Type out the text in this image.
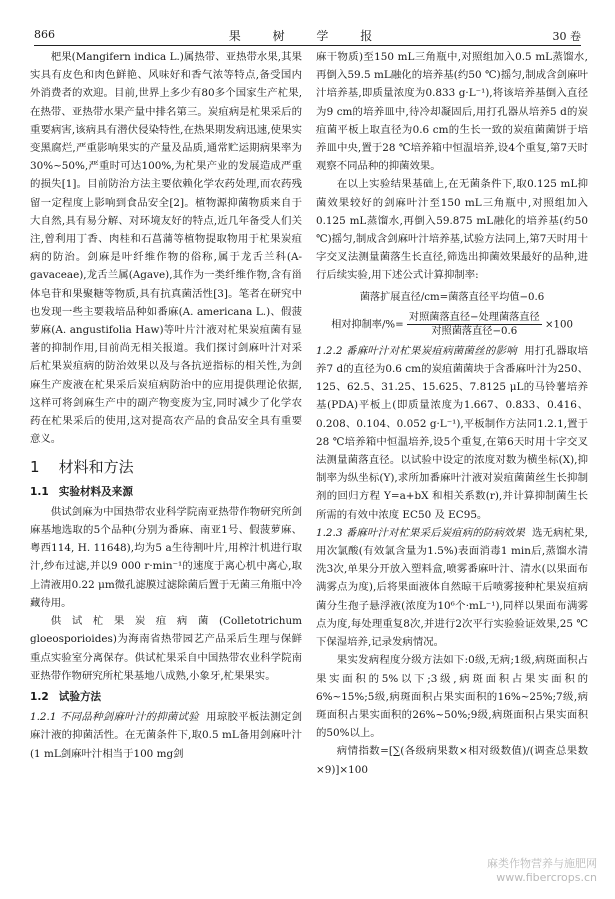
866	果 树 学 报	30 卷

杷果(Mangifern indica L.)属热带、亚热带水果,其果实具有皮色和肉色鲜艳、风味好和香气浓等特点,备受国内外消费者的欢迎。目前,世界上多少有80多个国家生产杧果,在热带、亚热带水果产量中排名第三。炭疽病是杧果采后的重要病害,该病具有潜伏侵染特性,在热果期发病迅速,使果实变黑腐烂,严重影响果实的产量及品质,通常贮运期病果率为30%~50%,严重时可达100%,为杧果产业的发展造成严重的损失[1]。目前防治方法主要依赖化学农药处理,而农药残留一定程度上影响到食品安全[2]。植物源抑菌物质来自于大自然,具有易分解、对环境友好的特点,近几年备受人们关注,曾利用丁香、肉桂和石菖蒲等植物提取物用于杧果炭疽病的防治。剑麻是叶纤维作物的俗称,属于龙舌兰科(A-gavaceae),龙舌兰属(Agave),其作为一类纤维作物,含有甾体皂苷和果聚糖等物质,具有抗真菌活性[3]。笔者在研究中也发现一些主要栽培品种如番麻(A. americana L.)、假菠萝麻(A. angustifolia Haw)等叶片汁液对杧果炭疽菌有显著的抑制作用,目前尚无相关报道。我们探讨剑麻叶汁对采后杧果炭疽病的防治效果以及与各抗逆指标的相关性,为剑麻生产废液在杧果采后炭疽病防治中的应用提供理论依据,这样可将剑麻生产中的副产物变废为宝,同时减少了化学农药在杧果采后的使用,这对提高农产品的食品安全具有重要意义。

1 材料和方法
1.1 实验材料及来源

供试剑麻为中国热带农业科学院南亚热带作物研究所剑麻基地选取的5个品种(分别为番麻、南亚1号、假菠萝麻、粤西114, H. 11648),均为5 a生待割叶片,用榨汁机进行取汁,纱布过滤,并以9 000 r·min⁻¹的速度于离心机中离心,取上清液用0.22 μm微孔滤膜过滤除菌后置于无菌三角瓶中冷藏待用。

供试杧果炭疽病菌(Colletotrichum gloeosporioides)为海南省热带园艺产品采后生理与保鲜重点实验室分离保存。供试杧果采自中国热带农业科学院南亚热带作物研究所杧果基地八成熟,小象牙,杧果果实。

1.2 试验方法

1.2.1 不同品种剑麻叶汁的抑菌试验 用琼胶平板法测定剑麻汁液的抑菌活性。在无菌条件下,取0.5 mL备用剑麻叶汁(1 mL剑麻叶汁相当于100 mg剑

麻干物质)至150 mL三角瓶中,对照组加入0.5 mL蒸馏水,再倒入59.5 mL融化的培养基(约50 ℃)摇匀,制成含剑麻叶汁培养基,即质量浓度为0.833 g·L⁻¹),将该培养基倒入直径为9 cm的培养皿中,待冷却凝固后,用打孔器从培养5 d的炭疽菌平板上取直径为0.6 cm的生长一致的炭疽菌菌饼于培养皿中央,置于28 ℃培养箱中恒温培养,设4个重复,第7天时观察不同品种的抑菌效果。

在以上实验结果基础上,在无菌条件下,取0.125 mL抑菌效果较好的剑麻叶汁至150 mL三角瓶中,对照组加入0.125 mL蒸馏水,再倒入59.875 mL融化的培养基(约50 ℃)摇匀,制成含剑麻叶汁培养基,试验方法同上,第7天时用十字交叉法测量菌落生长直径,筛选出抑菌效果最好的品种,进行后续实验,用下述公式计算抑制率:

菌落扩展直径/cm=菌落直径平均值−0.6
相对抑制率/%= $\frac{\text{对照菌落直径−处理菌落直径}}{\text{对照菌落直径−0.6}} \times 100$

1.2.2 番麻叶汁对杧果炭疽病菌菌丝的影响 用打孔器取培养7 d的直径为0.6 cm的炭疽菌菌块于含番麻叶汁为250、125、62.5、31.25、15.625、7.8125 μL的马铃薯培养基(PDA)平板上(即质量浓度为1.667、0.833、0.416、0.208、0.104、0.052 g·L⁻¹),平板制作方法同1.2.1,置于28 ℃培养箱中恒温培养,设5个重复,在第6天时用十字交叉法测量菌落直径。以试验中设定的浓度对数为横坐标(X),抑制率为纵坐标(Y),求所加番麻叶汁液对炭疽菌菌丝生长抑制剂的回归方程 Y=a+bX 和相关系数(r),并计算抑制菌生长所需的有效中浓度 EC50 及 EC95。

1.2.3 番麻叶汁对杧果采后炭疽病的防病效果 选无病杧果,用次氯酸(有效氯含量为1.5%)表面消毒1 min后,蒸馏水清洗3次,单果分开放入塑料盒,喷雾番麻叶汁、清水(以果面布满雾点为度),后将果面液体自然晾干后喷雾接种杧果炭疽病菌分生孢子悬浮液(浓度为10⁶个·mL⁻¹),同样以果面布满雾点为度,每处理重复8次,并进行2次平行实验验证效果,25 ℃下保湿培养,记录发病情况。

果实发病程度分级方法如下:0级,无病;1级,病斑面积占果实面积的5%以下;3级,病斑面积占果实面积的6%~15%;5级,病斑面积占果实面积的16%~25%;7级,病斑面积占果实面积的26%~50%;9级,病斑面积占果实面积的50%以上。

病情指数=[∑(各级病果数×相对级数值)/(调查总果数×9)]×100

麻类作物营养与施肥网
www.fibercrops.cn
